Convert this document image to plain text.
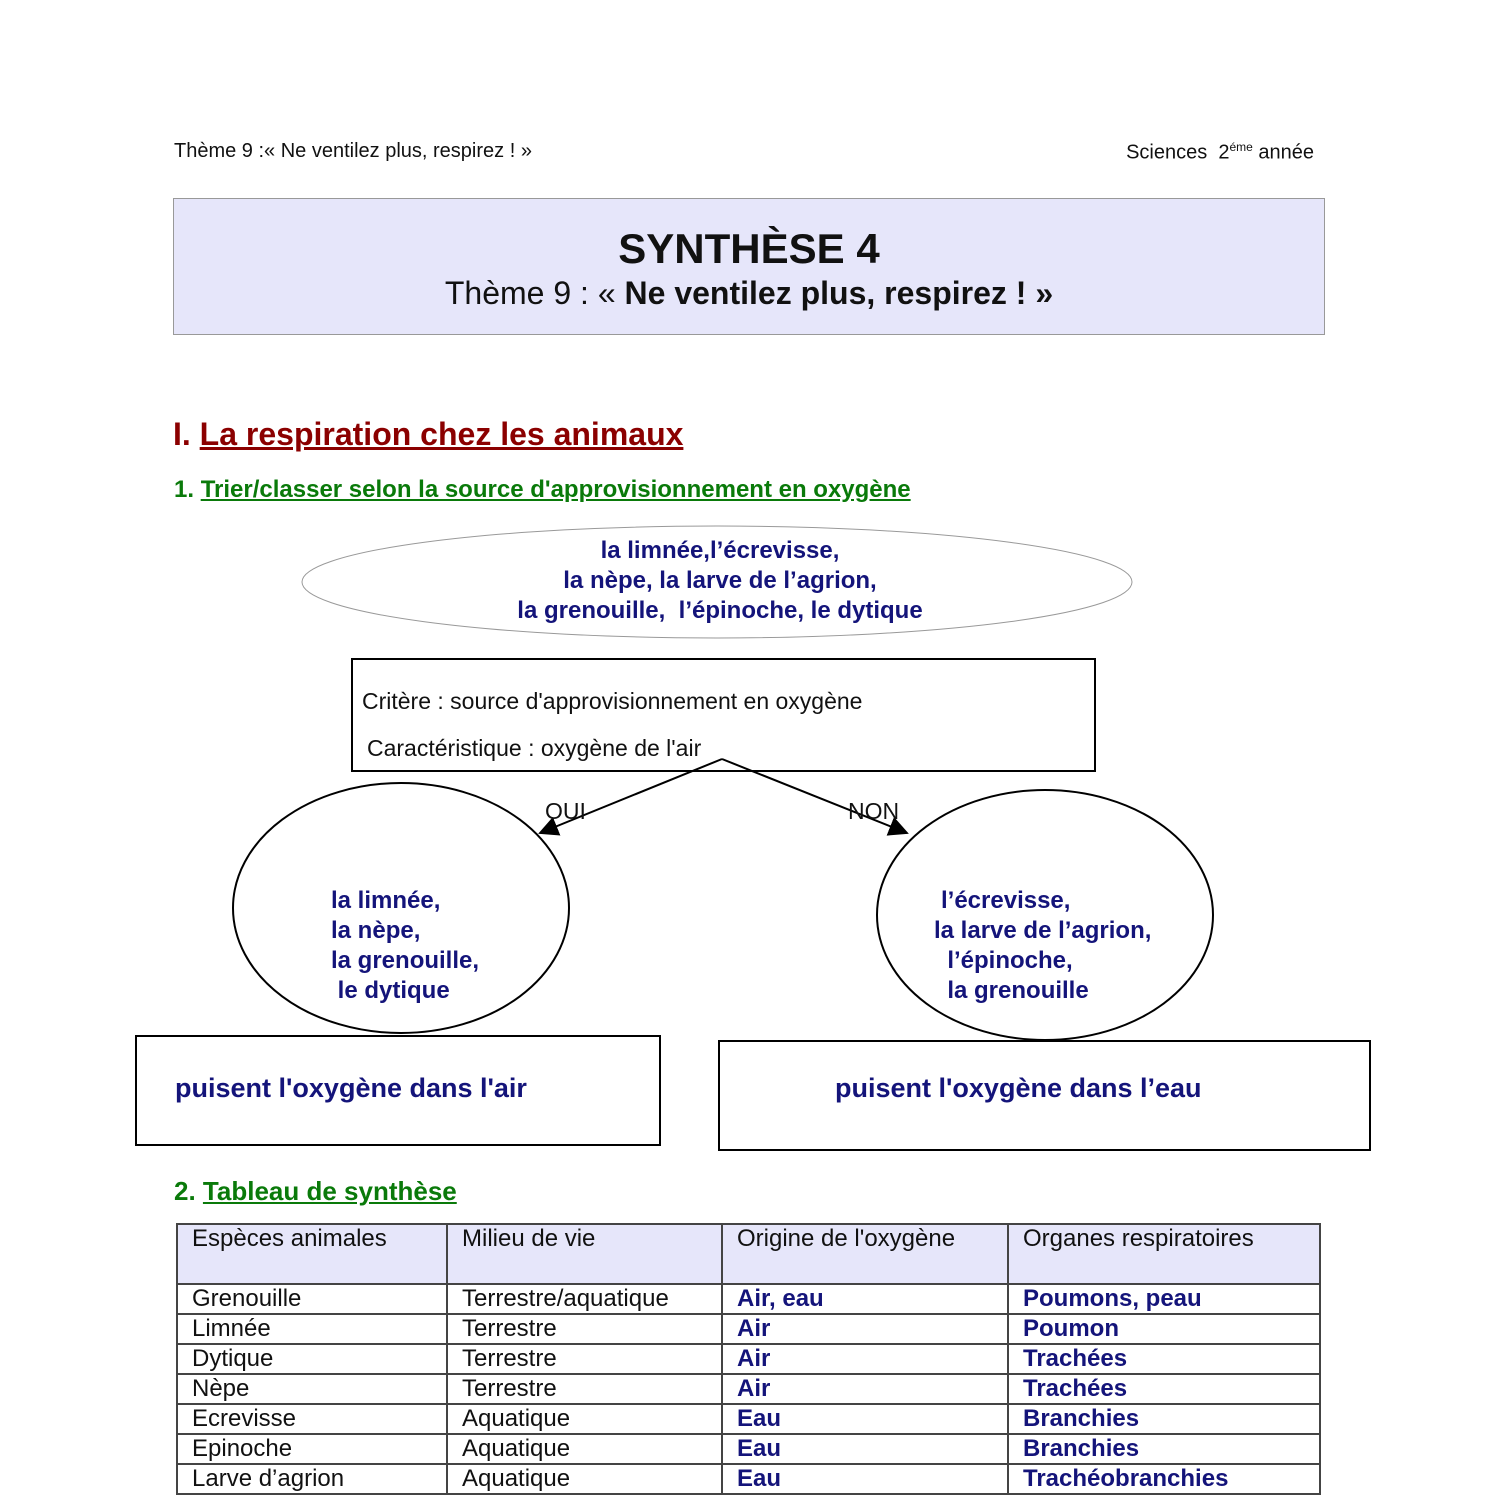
Thème 9 :« Ne ventilez plus, respirez ! »	Sciences  $2^{éme}$ année
SYNTHÈSE 4
Thème 9 : « Ne ventilez plus, respirez ! »
I. La respiration chez les animaux
1. Trier/classer selon la source d'approvisionnement en oxygène
la limnée,l’écrevisse,
la nèpe, la larve de l’agrion,
la grenouille,  l’épinoche, le dytique
Critère : source d'approvisionnement en oxygène
Caractéristique : oxygène de l'air
OUI	NON
la limnée,
la nèpe,
la grenouille,
le dytique
l’écrevisse,
la larve de l’agrion,
l’épinoche,
la grenouille
puisent l'oxygène dans l'air	puisent l'oxygène dans l’eau
2. Tableau de synthèse
Espèces animales	Milieu de vie	Origine de l'oxygène	Organes respiratoires
Grenouille	Terrestre/aquatique	Air, eau	Poumons, peau
Limnée	Terrestre	Air	Poumon
Dytique	Terrestre	Air	Trachées
Nèpe	Terrestre	Air	Trachées
Ecrevisse	Aquatique	Eau	Branchies
Epinoche	Aquatique	Eau	Branchies
Larve d’agrion	Aquatique	Eau	Trachéobranchies
